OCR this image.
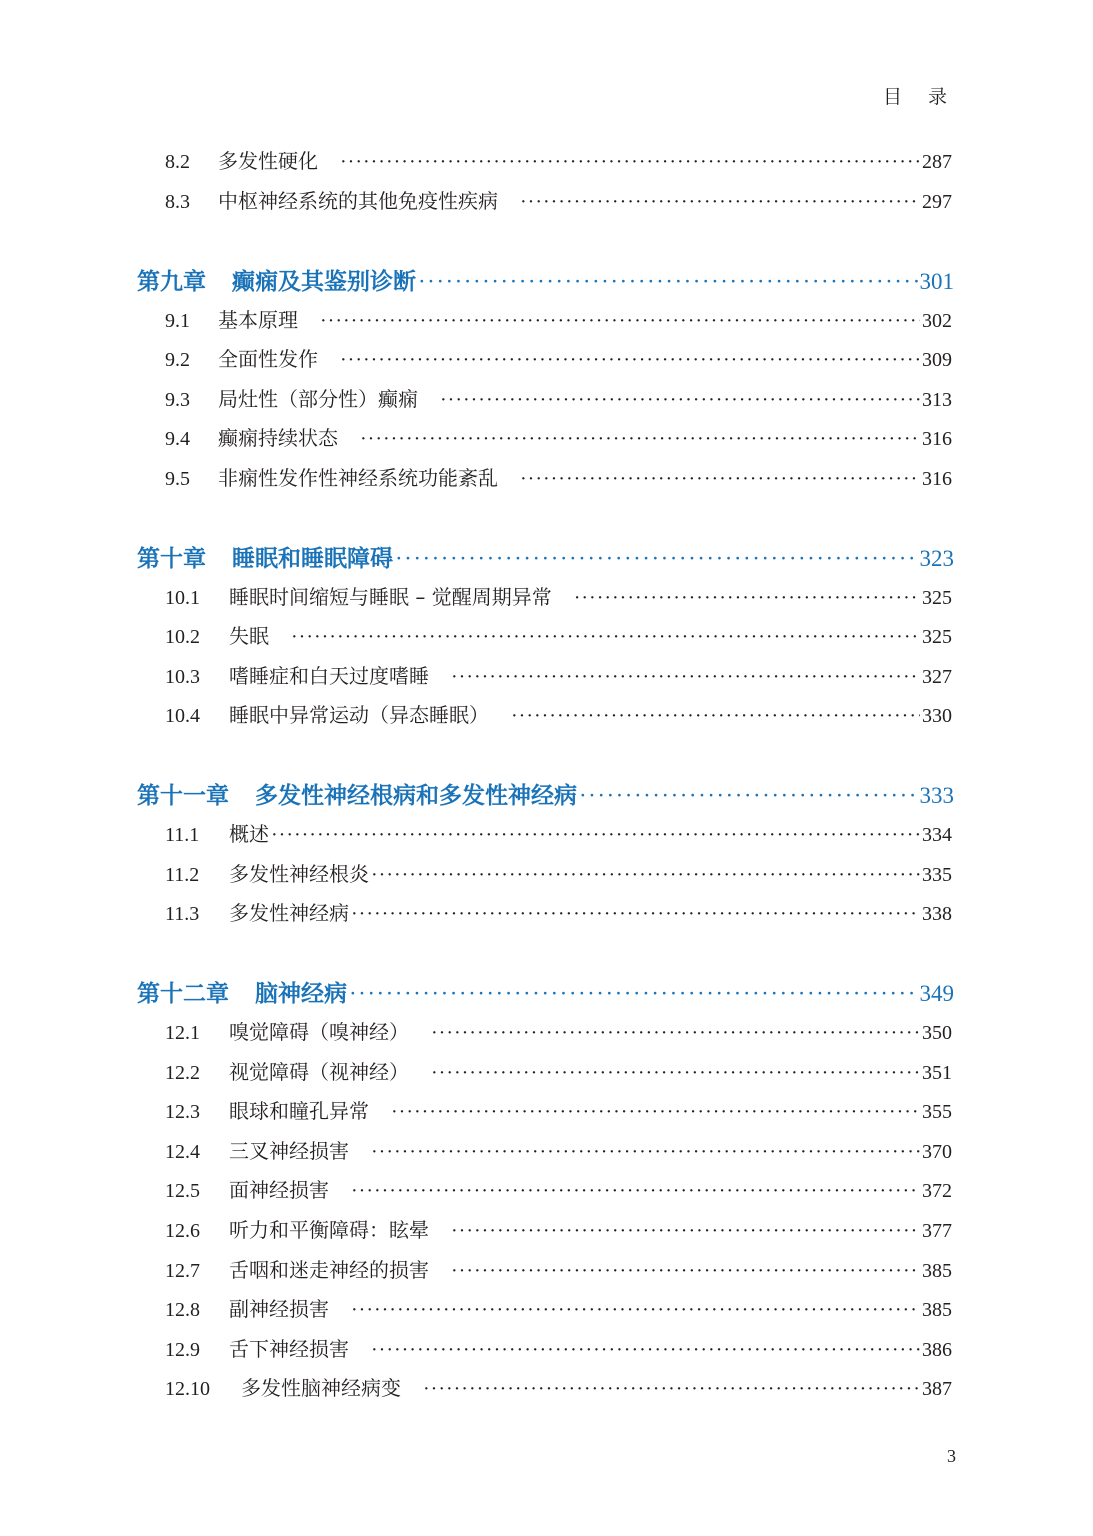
目 录
8.2	多发性硬化 ·····	287
8.3	中枢神经系统的其他免疫性疾病 ·····	297
第九章 癫痫及其鉴别诊断 ·····	301
9.1	基本原理 ·····	302
9.2	全面性发作 ·····	309
9.3	局灶性（部分性）癫痫 ·····	313
9.4	癫痫持续状态 ·····	316
9.5	非痫性发作性神经系统功能紊乱 ·····	316
第十章 睡眠和睡眠障碍 ·····	323
10.1	睡眠时间缩短与睡眠 – 觉醒周期异常 ·····	325
10.2	失眠 ·····	325
10.3	嗜睡症和白天过度嗜睡 ·····	327
10.4	睡眠中异常运动（异态睡眠） ·····	330
第十一章 多发性神经根病和多发性神经病 ·····	333
11.1	概述 ·····	334
11.2	多发性神经根炎 ·····	335
11.3	多发性神经病 ·····	338
第十二章 脑神经病 ·····	349
12.1	嗅觉障碍（嗅神经） ·····	350
12.2	视觉障碍（视神经） ·····	351
12.3	眼球和瞳孔异常 ·····	355
12.4	三叉神经损害 ·····	370
12.5	面神经损害 ·····	372
12.6	听力和平衡障碍：眩晕 ·····	377
12.7	舌咽和迷走神经的损害 ·····	385
12.8	副神经损害 ·····	385
12.9	舌下神经损害 ·····	386
12.10	多发性脑神经病变 ·····	387
3
